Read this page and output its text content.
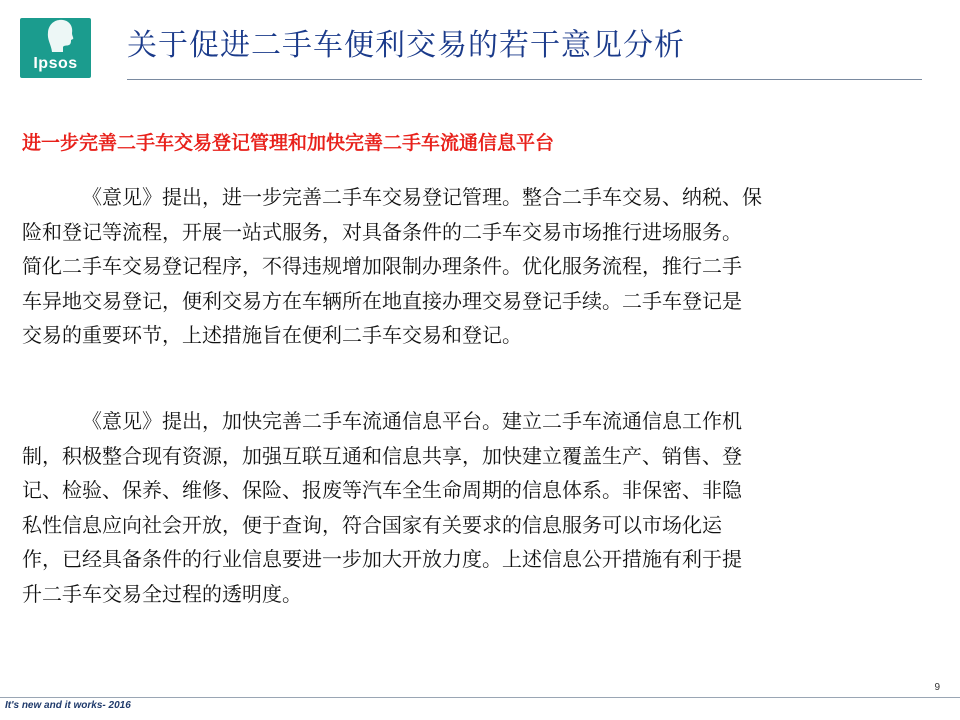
Ipsos
关于促进二手车便利交易的若干意见分析
进一步完善二手车交易登记管理和加快完善二手车流通信息平台

《意见》提出，进一步完善二手车交易登记管理。整合二手车交易、纳税、保
险和登记等流程，开展一站式服务，对具备条件的二手车交易市场推行进场服务。
简化二手车交易登记程序，不得违规增加限制办理条件。优化服务流程，推行二手
车异地交易登记，便利交易方在车辆所在地直接办理交易登记手续。二手车登记是
交易的重要环节，上述措施旨在便利二手车交易和登记。

《意见》提出，加快完善二手车流通信息平台。建立二手车流通信息工作机
制，积极整合现有资源，加强互联互通和信息共享，加快建立覆盖生产、销售、登
记、检验、保养、维修、保险、报废等汽车全生命周期的信息体系。非保密、非隐
私性信息应向社会开放，便于查询，符合国家有关要求的信息服务可以市场化运
作，已经具备条件的行业信息要进一步加大开放力度。上述信息公开措施有利于提
升二手车交易全过程的透明度。

9
It's new and it works- 2016
